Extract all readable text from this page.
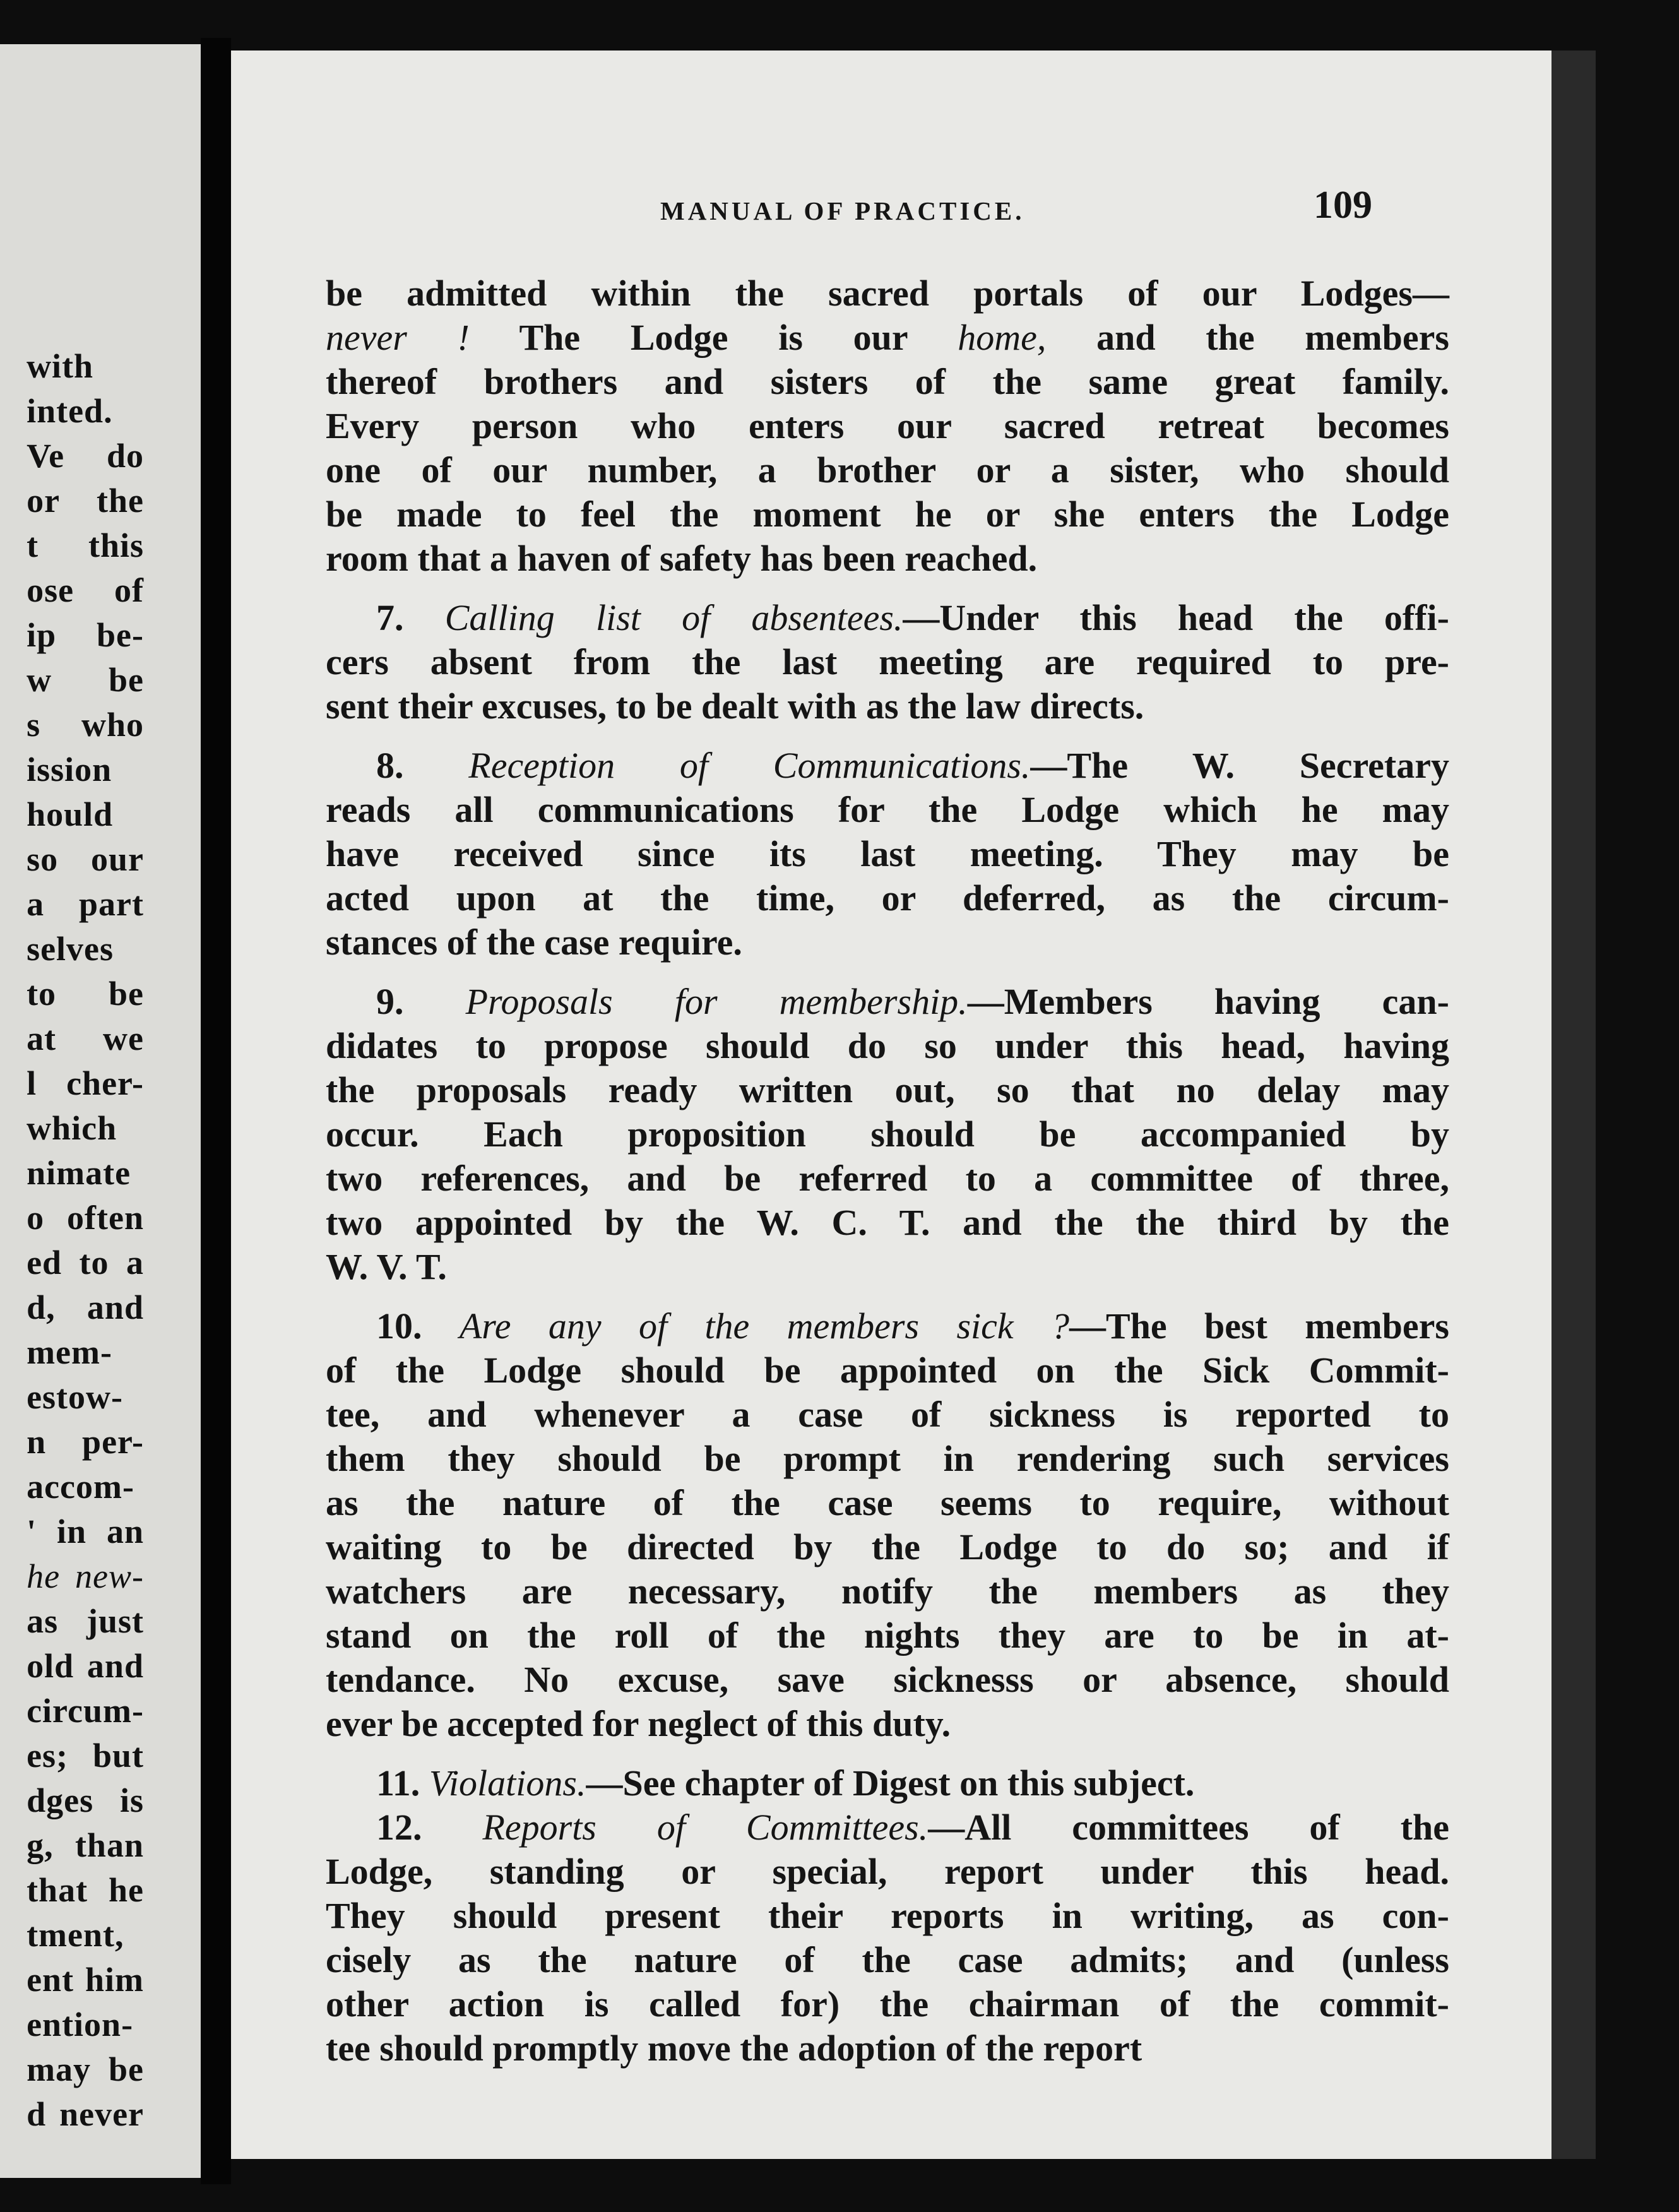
with
inted.
Ve do
or the
t this
ose of
ip be-
w be
s who
ission
hould
so our
a part
selves
to be
at we
l cher-
which
nimate
o often
ed to a
d, and
mem-
estow-
n per-
accom-
' in an
he new-
as just
old and
circum-
es; but
dges is
g, than
that he
tment,
ent him
ention-
may be
d never
MANUAL OF PRACTICE.	109
be admitted within the sacred portals of our Lodges—
never ! The Lodge is our home, and the members
thereof brothers and sisters of the same great family.
Every person who enters our sacred retreat becomes
one of our number, a brother or a sister, who should
be made to feel the moment he or she enters the Lodge
room that a haven of safety has been reached.
7. Calling list of absentees.—Under this head the offi-
cers absent from the last meeting are required to pre-
sent their excuses, to be dealt with as the law directs.
8. Reception of Communications.—The W. Secretary
reads all communications for the Lodge which he may
have received since its last meeting. They may be
acted upon at the time, or deferred, as the circum-
stances of the case require.
9. Proposals for membership.—Members having can-
didates to propose should do so under this head, having
the proposals ready written out, so that no delay may
occur. Each proposition should be accompanied by
two references, and be referred to a committee of three,
two appointed by the W. C. T. and the the third by the
W. V. T.
10. Are any of the members sick ?—The best members
of the Lodge should be appointed on the Sick Commit-
tee, and whenever a case of sickness is reported to
them they should be prompt in rendering such services
as the nature of the case seems to require, without
waiting to be directed by the Lodge to do so; and if
watchers are necessary, notify the members as they
stand on the roll of the nights they are to be in at-
tendance. No excuse, save sicknesss or absence, should
ever be accepted for neglect of this duty.
11. Violations.—See chapter of Digest on this subject.
12. Reports of Committees.—All committees of the
Lodge, standing or special, report under this head.
They should present their reports in writing, as con-
cisely as the nature of the case admits; and (unless
other action is called for) the chairman of the commit-
tee should promptly move the adoption of the report
